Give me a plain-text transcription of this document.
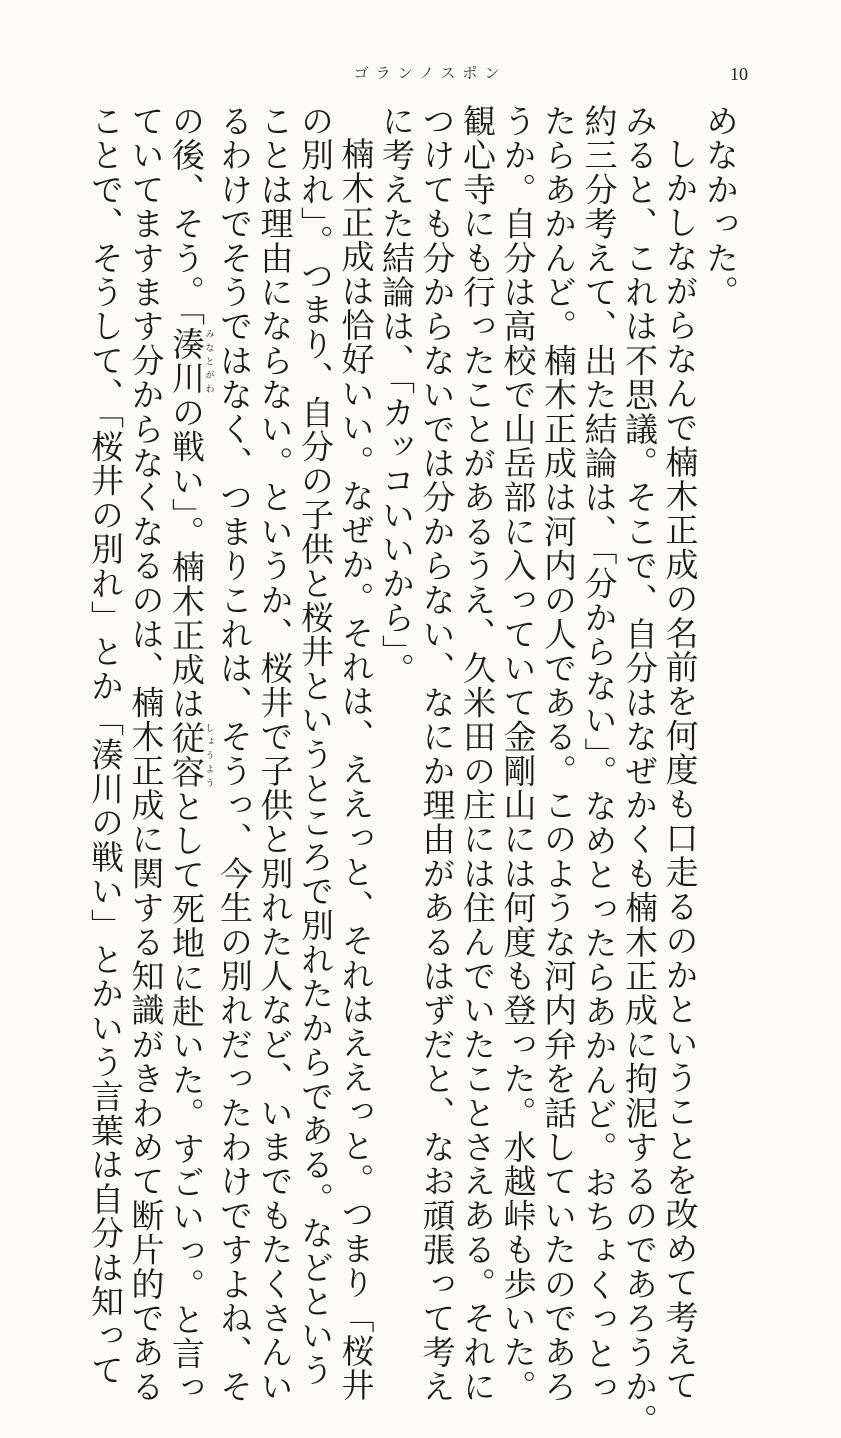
ゴランノスポン	10

めなかった。

しかしながらなんで楠木正成の名前を何度も口走るのかということを改めて考えて

みると、これは不思議。そこで、自分はなぜかくも楠木正成に拘泥するのであろうか。

約三分考えて、出た結論は、「分からない」。なめとったらあかんど。おちょくっとっ

たらあかんど。楠木正成は河内の人である。このような河内弁を話していたのであろ

うか。自分は高校で山岳部に入っていて金剛山には何度も登った。水越峠も歩いた。

観心寺にも行ったことがあるうえ、久米田の庄には住んでいたことさえある。それに

つけても分からないでは分からない、なにか理由があるはずだと、なお頑張って考え

に考えた結論は、「カッコいいから」。

楠木正成は恰好いい。なぜか。それは、ええっと、それはええっと。つまり「桜井

の別れ」。つまり、自分の子供と桜井というところで別れたからである。などという

ことは理由にならない。というか、桜井で子供と別れた人など、いまでもたくさんい

るわけでそうではなく、つまりこれは、そうっ、今生の別れだったわけですよね、そ

の後、そう。「湊川みなとがわの戦い」。楠木正成は従容しょうようとして死地に赴いた。すごいっ。と言っ

ていてますます分からなくなるのは、楠木正成に関する知識がきわめて断片的である

ことで、そうして、「桜井の別れ」とか「湊川の戦い」とかいう言葉は自分は知って
